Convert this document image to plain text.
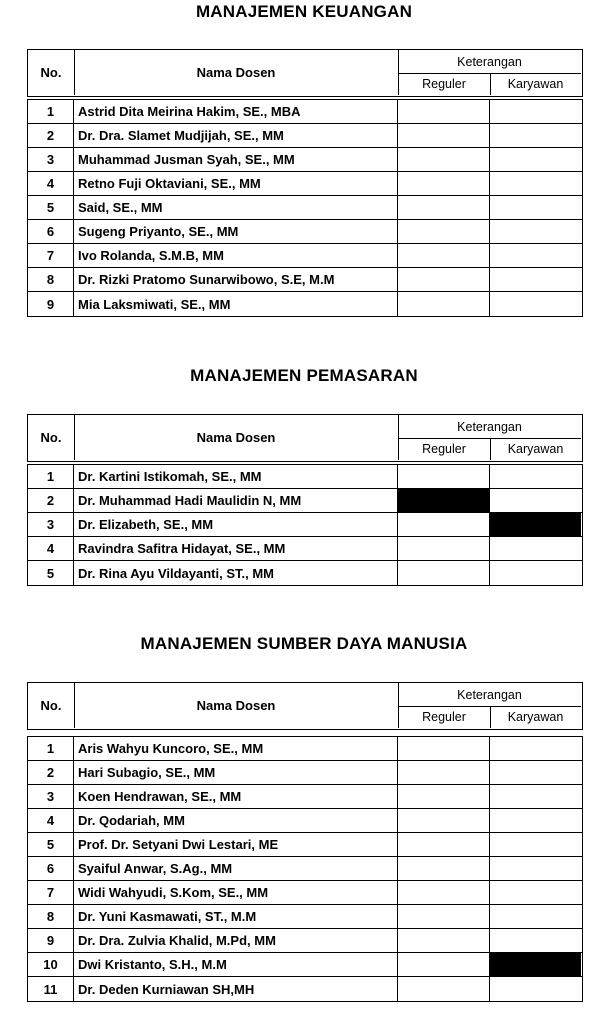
MANAJEMEN KEUANGAN
No.	Nama Dosen
Keterangan
Reguler	Karyawan
1	Astrid Dita Meirina Hakim, SE., MBA
2	Dr. Dra. Slamet Mudjijah, SE., MM
3	Muhammad Jusman Syah, SE., MM
4	Retno Fuji Oktaviani, SE., MM
5	Said, SE., MM
6	Sugeng Priyanto, SE., MM
7	Ivo Rolanda, S.M.B, MM
8	Dr. Rizki Pratomo Sunarwibowo, S.E, M.M
9	Mia Laksmiwati, SE., MM
MANAJEMEN PEMASARAN
No.	Nama Dosen
Keterangan
Reguler	Karyawan
1	Dr. Kartini Istikomah, SE., MM
2	Dr. Muhammad Hadi Maulidin N, MM
3	Dr. Elizabeth, SE., MM
4	Ravindra Safitra Hidayat, SE., MM
5	Dr. Rina Ayu Vildayanti, ST., MM
MANAJEMEN SUMBER DAYA MANUSIA
No.	Nama Dosen
Keterangan
Reguler	Karyawan
1	Aris Wahyu Kuncoro, SE., MM
2	Hari Subagio, SE., MM
3	Koen Hendrawan, SE., MM
4	Dr. Qodariah, MM
5	Prof. Dr. Setyani Dwi Lestari, ME
6	Syaiful Anwar, S.Ag., MM
7	Widi Wahyudi, S.Kom, SE., MM
8	Dr. Yuni Kasmawati, ST., M.M
9	Dr. Dra. Zulvia Khalid, M.Pd, MM
10	Dwi Kristanto, S.H., M.M
11	Dr. Deden Kurniawan SH,MH
